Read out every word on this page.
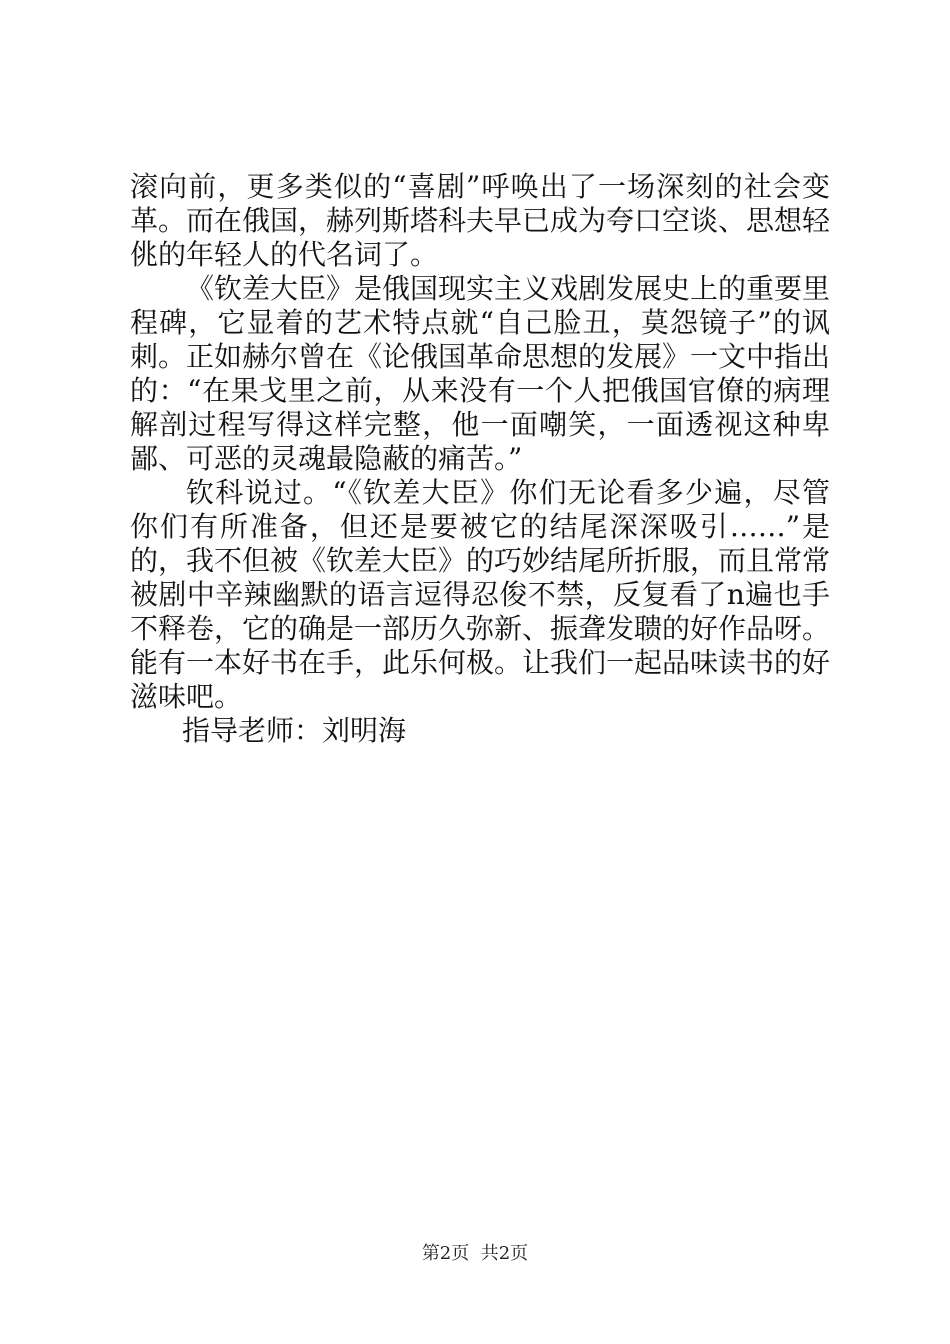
滚向前，更多类似的“喜剧”呼唤出了一场深刻的社会变革。而在俄国，赫列斯塔科夫早已成为夸口空谈、思想轻佻的年轻人的代名词了。

《钦差大臣》是俄国现实主义戏剧发展史上的重要里程碑，它显着的艺术特点就“自己脸丑，莫怨镜子”的讽刺。正如赫尔曾在《论俄国革命思想的发展》一文中指出的：“在果戈里之前，从来没有一个人把俄国官僚的病理解剖过程写得这样完整，他一面嘲笑，一面透视这种卑鄙、可恶的灵魂最隐蔽的痛苦。”

钦科说过。“《钦差大臣》你们无论看多少遍，尽管你们有所准备，但还是要被它的结尾深深吸引……”是的，我不但被《钦差大臣》的巧妙结尾所折服，而且常常被剧中辛辣幽默的语言逗得忍俊不禁，反复看了n遍也手不释卷，它的确是一部历久弥新、振聋发聩的好作品呀。能有一本好书在手，此乐何极。让我们一起品味读书的好滋味吧。

指导老师：刘明海

第2页 共2页
